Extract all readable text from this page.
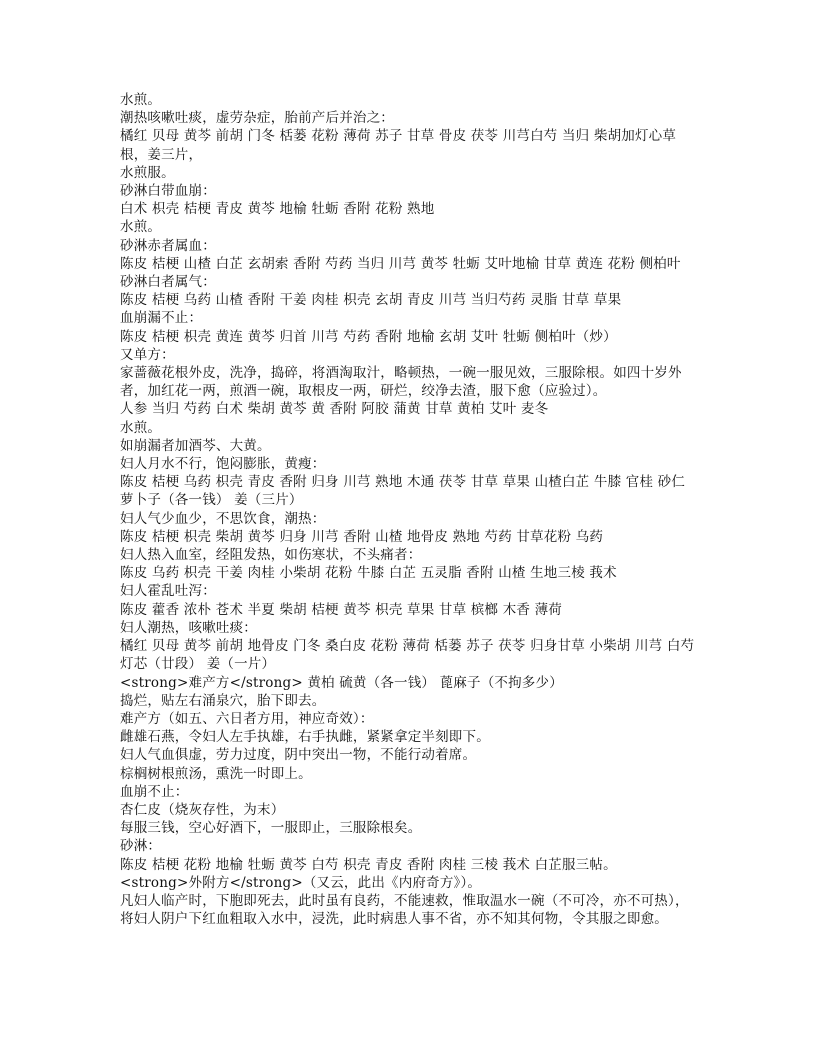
水煎。

潮热咳嗽吐痰，虚劳杂症，胎前产后并治之：

橘红 贝母 黄芩 前胡 门冬 栝蒌 花粉 薄荷 苏子 甘草 骨皮 茯苓 川芎白芍 当归 柴胡加灯心草根，姜三片，

水煎服。

砂淋白带血崩：

白术 枳壳 桔梗 青皮 黄芩 地榆 牡蛎 香附 花粉 熟地

水煎。

砂淋赤者属血：

陈皮 桔梗 山楂 白芷 玄胡索 香附 芍药 当归 川芎 黄芩 牡蛎 艾叶地榆 甘草 黄连 花粉 侧柏叶

砂淋白者属气：

陈皮 桔梗 乌药 山楂 香附 干姜 肉桂 枳壳 玄胡 青皮 川芎 当归芍药 灵脂 甘草 草果

血崩漏不止：

陈皮 桔梗 枳壳 黄连 黄芩 归首 川芎 芍药 香附 地榆 玄胡 艾叶 牡蛎 侧柏叶（炒）

又单方：

家蔷薇花根外皮，洗净，捣碎，将酒淘取汁，略顿热，一碗一服见效，三服除根。如四十岁外者，加红花一两，煎酒一碗，取根皮一两，研烂，绞净去渣，服下愈（应验过）。

人参 当归 芍药 白术 柴胡 黄芩 黄 香附 阿胶 蒲黄 甘草 黄柏 艾叶 麦冬

水煎。

如崩漏者加酒芩、大黄。

妇人月水不行，饱闷膨胀，黄瘦：

陈皮 桔梗 乌药 枳壳 青皮 香附 归身 川芎 熟地 木通 茯苓 甘草 草果 山楂白芷 牛膝 官桂 砂仁 萝卜子（各一钱） 姜（三片）

妇人气少血少，不思饮食，潮热：

陈皮 桔梗 枳壳 柴胡 黄芩 归身 川芎 香附 山楂 地骨皮 熟地 芍药 甘草花粉 乌药

妇人热入血室，经阻发热，如伤寒状，不头痛者：

陈皮 乌药 枳壳 干姜 肉桂 小柴胡 花粉 牛膝 白芷 五灵脂 香附 山楂 生地三棱 莪术

妇人霍乱吐泻：

陈皮 藿香 浓朴 苍术 半夏 柴胡 桔梗 黄芩 枳壳 草果 甘草 槟榔 木香 薄荷

妇人潮热，咳嗽吐痰：

橘红 贝母 黄芩 前胡 地骨皮 门冬 桑白皮 花粉 薄荷 栝蒌 苏子 茯苓 归身甘草 小柴胡 川芎 白芍 灯芯（廿段） 姜（一片）

<strong>难产方</strong> 黄柏 硫黄（各一钱） 蓖麻子（不拘多少）

捣烂，贴左右涌泉穴，胎下即去。

难产方（如五、六日者方用，神应奇效）：

雌雄石燕，令妇人左手执雄，右手执雌，紧紧拿定半刻即下。

妇人气血俱虚，劳力过度，阴中突出一物，不能行动着席。

棕榈树根煎汤，熏洗一时即上。

血崩不止：

杏仁皮（烧灰存性，为末）

每服三钱，空心好酒下，一服即止，三服除根矣。

砂淋：

陈皮 桔梗 花粉 地榆 牡蛎 黄芩 白芍 枳壳 青皮 香附 肉桂 三棱 莪术 白芷服三帖。

<strong>外附方</strong>（又云，此出《内府奇方》）。

凡妇人临产时，下胞即死去，此时虽有良药，不能速救，惟取温水一碗（不可冷，亦不可热），将妇人阴户下红血粗取入水中，浸洗，此时病患人事不省，亦不知其何物，令其服之即愈。
